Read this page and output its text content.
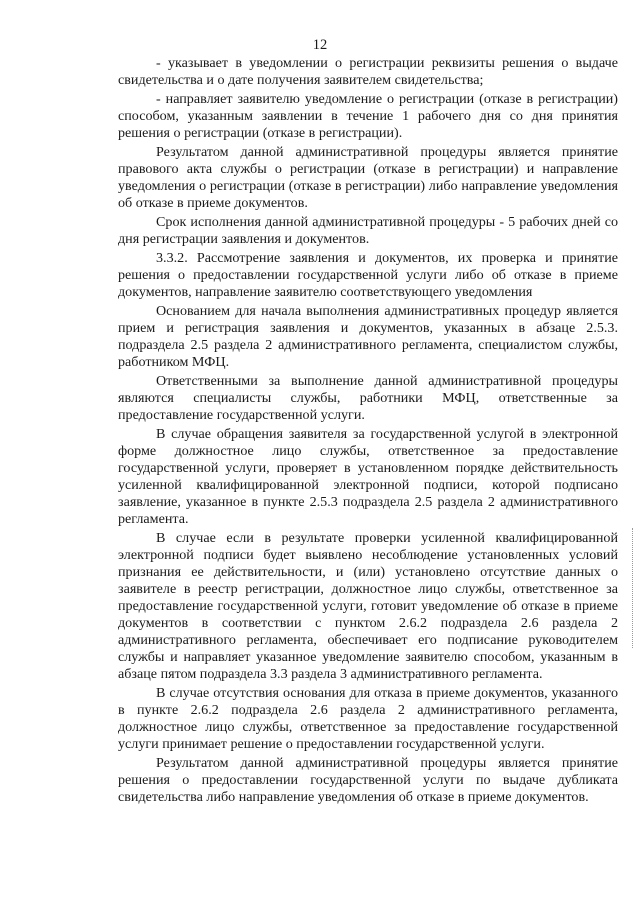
12

- указывает в уведомлении о регистрации реквизиты решения о выдаче свидетельства и о дате получения заявителем свидетельства;

- направляет заявителю уведомление о регистрации (отказе в регистрации) способом, указанным заявлении в течение 1 рабочего дня со дня принятия решения о регистрации (отказе в регистрации).

Результатом данной административной процедуры является принятие правового акта службы о регистрации (отказе в регистрации) и направление уведомления о регистрации (отказе в регистрации) либо направление уведомления об отказе в приеме документов.

Срок исполнения данной административной процедуры - 5 рабочих дней со дня регистрации заявления и документов.

3.3.2. Рассмотрение заявления и документов, их проверка и принятие решения о предоставлении государственной услуги либо об отказе в приеме документов, направление заявителю соответствующего уведомления

Основанием для начала выполнения административных процедур является прием и регистрация заявления и документов, указанных в абзаце 2.5.3. подраздела 2.5 раздела 2 административного регламента, специалистом службы, работником МФЦ.

Ответственными за выполнение данной административной процедуры являются специалисты службы, работники МФЦ, ответственные за предоставление государственной услуги.

В случае обращения заявителя за государственной услугой в электронной форме должностное лицо службы, ответственное за предоставление государственной услуги, проверяет в установленном порядке действительность усиленной квалифицированной электронной подписи, которой подписано заявление, указанное в пункте 2.5.3 подраздела 2.5 раздела 2 административного регламента.

В случае если в результате проверки усиленной квалифицированной электронной подписи будет выявлено несоблюдение установленных условий признания ее действительности, и (или) установлено отсутствие данных о заявителе в реестр регистрации, должностное лицо службы, ответственное за предоставление государственной услуги, готовит уведомление об отказе в приеме документов в соответствии с пунктом 2.6.2 подраздела 2.6 раздела 2 административного регламента, обеспечивает его подписание руководителем службы и направляет указанное уведомление заявителю способом, указанным в абзаце пятом подраздела 3.3 раздела 3 административного регламента.

В случае отсутствия основания для отказа в приеме документов, указанного в пункте 2.6.2 подраздела 2.6 раздела 2 административного регламента, должностное лицо службы, ответственное за предоставление государственной услуги принимает решение о предоставлении государственной услуги.

Результатом данной административной процедуры является принятие решения о предоставлении государственной услуги по выдаче дубликата свидетельства либо направление уведомления об отказе в приеме документов.
